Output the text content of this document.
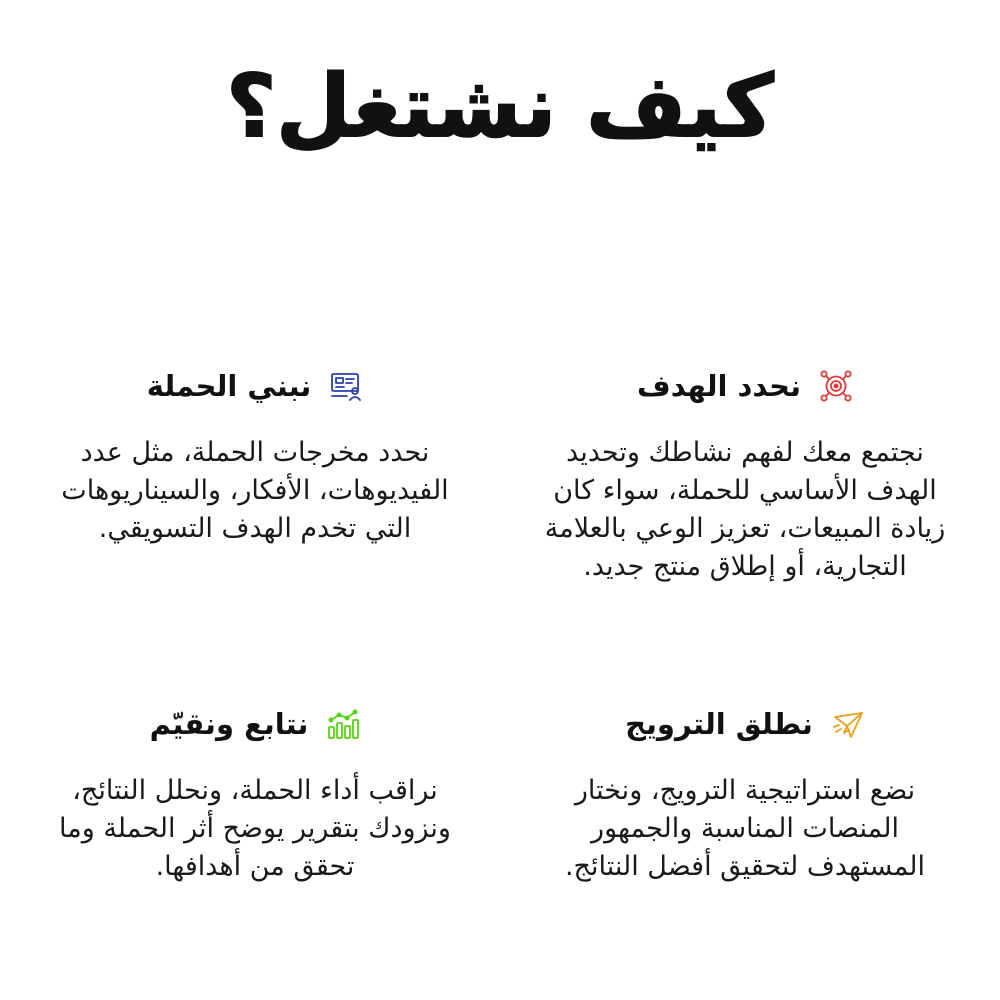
كيف نشتغل؟
نحدد الهدف
نجتمع معك لفهم نشاطك وتحديد الهدف الأساسي للحملة، سواء كان زيادة المبيعات، تعزيز الوعي بالعلامة التجارية، أو إطلاق منتج جديد.
نبني الحملة
نحدد مخرجات الحملة، مثل عدد الفيديوهات، الأفكار، والسيناريوهات التي تخدم الهدف التسويقي.
نطلق الترويج
نضع استراتيجية الترويج، ونختار المنصات المناسبة والجمهور المستهدف لتحقيق أفضل النتائج.
نتابع ونقيّم
نراقب أداء الحملة، ونحلل النتائج، ونزودك بتقرير يوضح أثر الحملة وما تحقق من أهدافها.
